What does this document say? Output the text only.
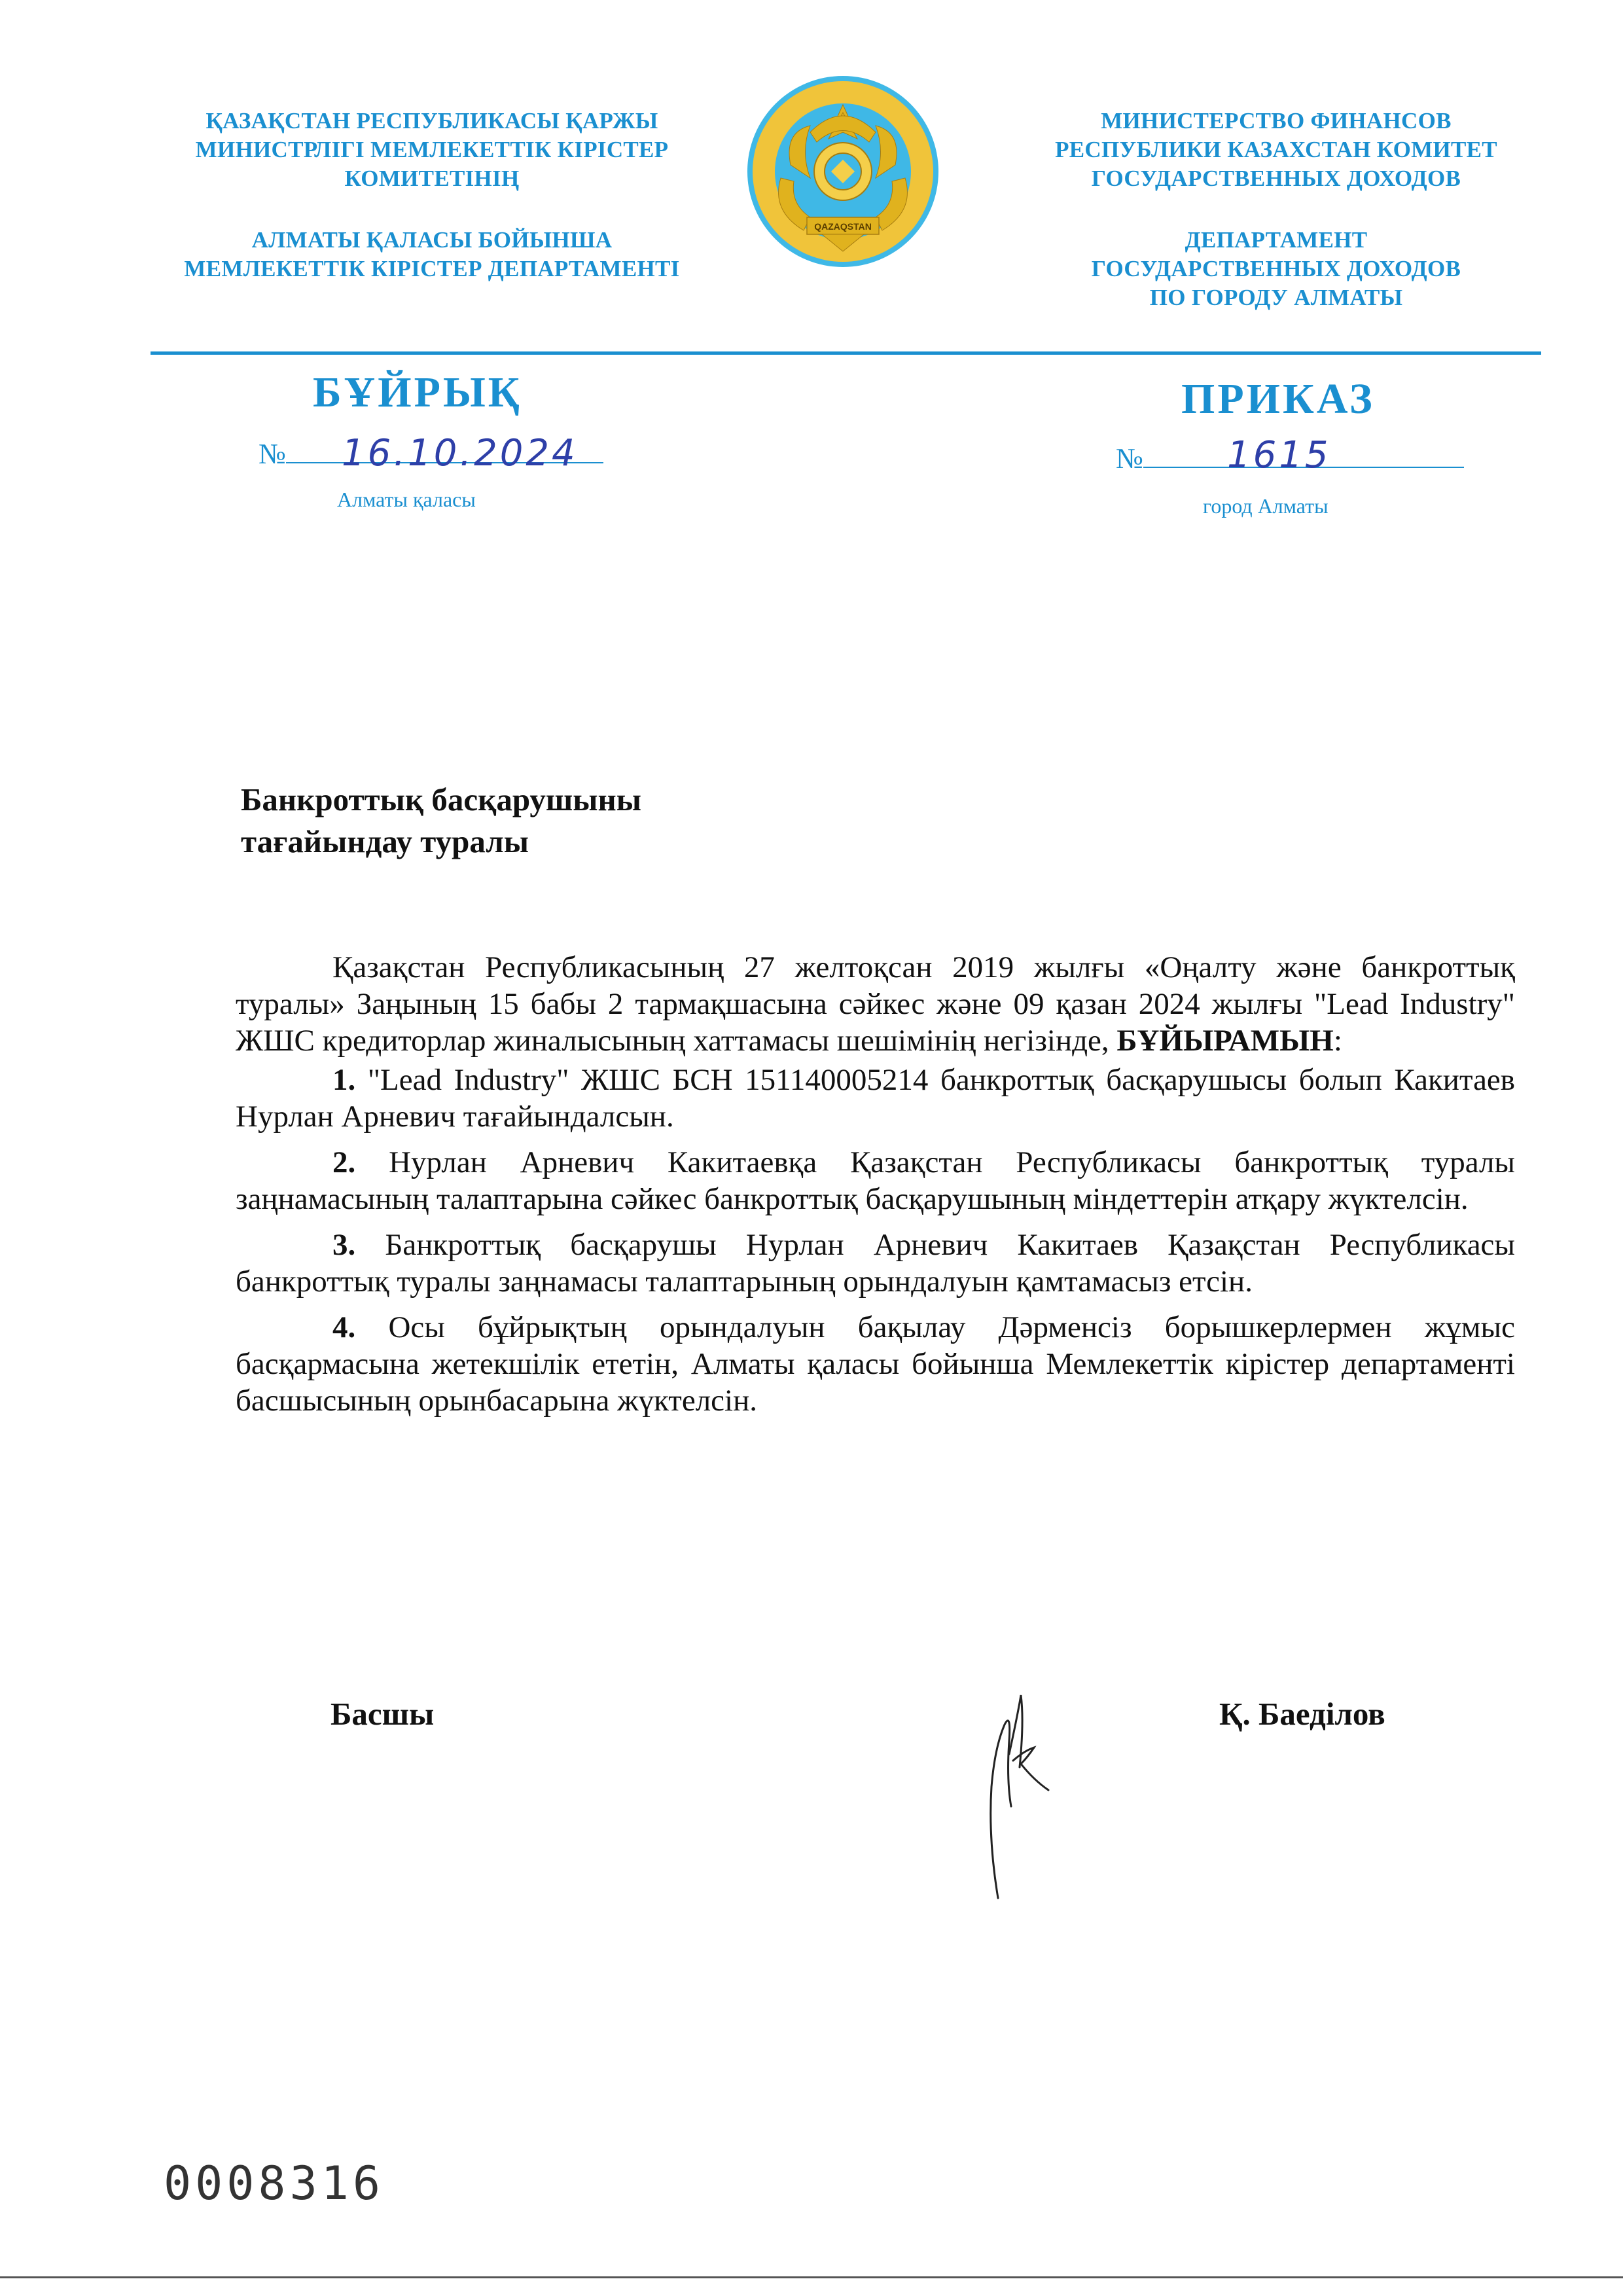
ҚАЗАҚСТАН РЕСПУБЛИКАСЫ ҚАРЖЫ
МИНИСТРЛІГІ МЕМЛЕКЕТТІК КІРІСТЕР
КОМИТЕТІНІҢ
АЛМАТЫ ҚАЛАСЫ БОЙЫНША
МЕМЛЕКЕТТІК КІРІСТЕР ДЕПАРТАМЕНТІ
QAZAQSTAN
МИНИСТЕРСТВО ФИНАНСОВ
РЕСПУБЛИКИ КАЗАХСТАН КОМИТЕТ
ГОСУДАРСТВЕННЫХ ДОХОДОВ
ДЕПАРТАМЕНТ
ГОСУДАРСТВЕННЫХ ДОХОДОВ
ПО ГОРОДУ АЛМАТЫ
БҰЙРЫҚ	ПРИКАЗ
№	16.10.2024
Алматы қаласы
№	1615
город Алматы
Банкроттық басқарушыны
тағайындау туралы

Қазақстан Республикасының 27 желтоқсан 2019 жылғы «Оңалту және банкроттық туралы» Заңының 15 бабы 2 тармақшасына сәйкес және 09 қазан 2024 жылғы "Lead Industry" ЖШС кредиторлар жиналысының хаттамасы шешімінің негізінде, БҰЙЫРАМЫН:

1. "Lead Industry" ЖШС БСН 151140005214 банкроттық басқарушысы болып Какитаев Нурлан Арневич тағайындалсын.

2. Нурлан Арневич Какитаевқа Қазақстан Республикасы банкроттық туралы заңнамасының талаптарына сәйкес банкроттық басқарушының міндеттерін атқару жүктелсін.

3. Банкроттық басқарушы Нурлан Арневич Какитаев Қазақстан Республикасы банкроттық туралы заңнамасы талаптарының орындалуын қамтамасыз етсін.

4. Осы бұйрықтың орындалуын бақылау Дәрменсіз борышкерлермен жұмыс басқармасына жетекшілік ететін, Алматы қаласы бойынша Мемлекеттік кірістер департаменті басшысының орынбасарына жүктелсін.

Басшы	Қ. Баеділов
0008316
